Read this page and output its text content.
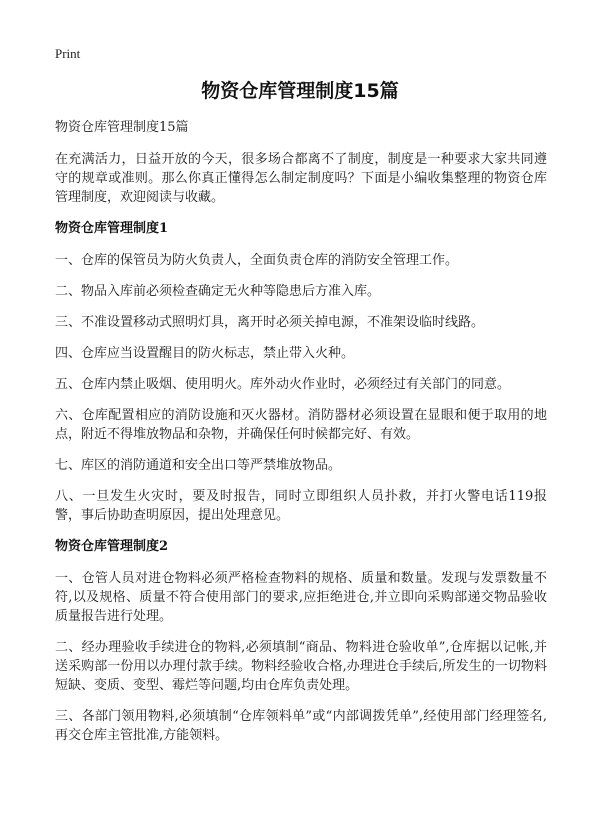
Print
物资仓库管理制度15篇

物资仓库管理制度15篇

在充满活力，日益开放的今天，很多场合都离不了制度，制度是一种要求大家共同遵守的规章或准则。那么你真正懂得怎么制定制度吗？下面是小编收集整理的物资仓库管理制度，欢迎阅读与收藏。

物资仓库管理制度1

一、仓库的保管员为防火负责人，全面负责仓库的消防安全管理工作。

二、物品入库前必须检查确定无火种等隐患后方准入库。

三、不准设置移动式照明灯具，离开时必须关掉电源，不准架设临时线路。

四、仓库应当设置醒目的防火标志，禁止带入火种。

五、仓库内禁止吸烟、使用明火。库外动火作业时，必须经过有关部门的同意。

六、仓库配置相应的消防设施和灭火器材。消防器材必须设置在显眼和便于取用的地点，附近不得堆放物品和杂物，并确保任何时候都完好、有效。

七、库区的消防通道和安全出口等严禁堆放物品。

八、一旦发生火灾时，要及时报告，同时立即组织人员扑救，并打火警电话119报警，事后协助查明原因，提出处理意见。

物资仓库管理制度2

一、仓管人员对进仓物料必须严格检查物料的规格、质量和数量。发现与发票数量不符,以及规格、质量不符合使用部门的要求,应拒绝进仓,并立即向采购部递交物品验收质量报告进行处理。

二、经办理验收手续进仓的物料,必须填制“商品、物料进仓验收单”,仓库据以记帐,并送采购部一份用以办理付款手续。物料经验收合格,办理进仓手续后,所发生的一切物料短缺、变质、变型、霉烂等问题,均由仓库负责处理。

三、各部门领用物料,必须填制“仓库领料单”或“内部调拨凭单”,经使用部门经理签名,再交仓库主管批准,方能领料。
